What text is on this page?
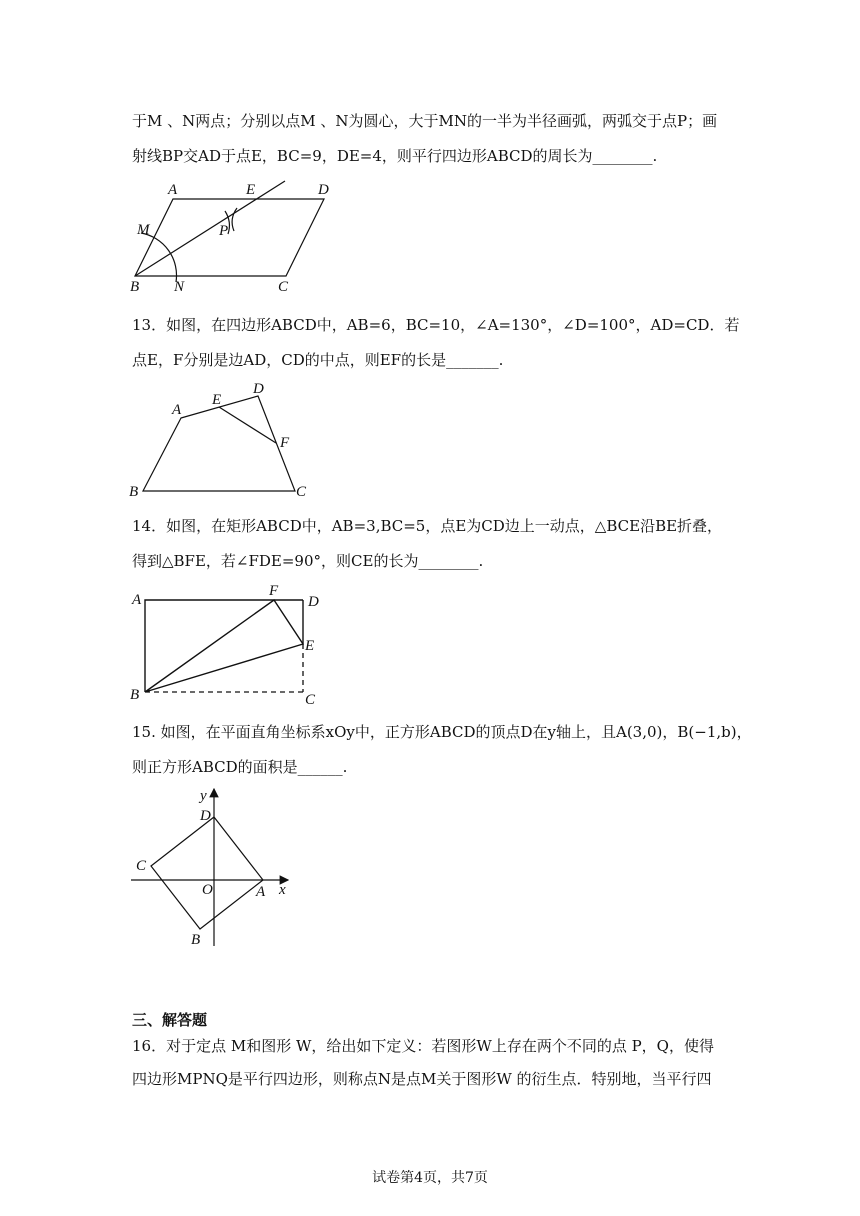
于M 、N两点；分别以点M 、N为圆心，大于MN的一半为半径画弧，两弧交于点P；画
射线BP交AD于点E，BC=9，DE=4，则平行四边形ABCD的周长为________.
A	E	D
M	P
B N	C
13．如图，在四边形ABCD中，AB=6，BC=10，∠A=130°，∠D=100°，AD=CD．若
点E，F分别是边AD，CD的中点，则EF的长是_______.
A
E
D
F
B	C
14．如图，在矩形ABCD中，AB=3,BC=5，点E为CD边上一动点，△BCE沿BE折叠，
得到△BFE，若∠FDE=90°，则CE的长为________.
A
F
D
E
B	C
15. 如图，在平面直角坐标系xOy中，正方形ABCD的顶点D在y轴上，且A(3,0)，B(−1,b)，
则正方形ABCD的面积是______.
y
x
D
C
O	A
B
三、解答题
16．对于定点 M和图形 W，给出如下定义：若图形W上存在两个不同的点 P，Q，使得
四边形MPNQ是平行四边形，则称点N是点M关于图形W 的衍生点．特别地，当平行四
试卷第4页，共7页
